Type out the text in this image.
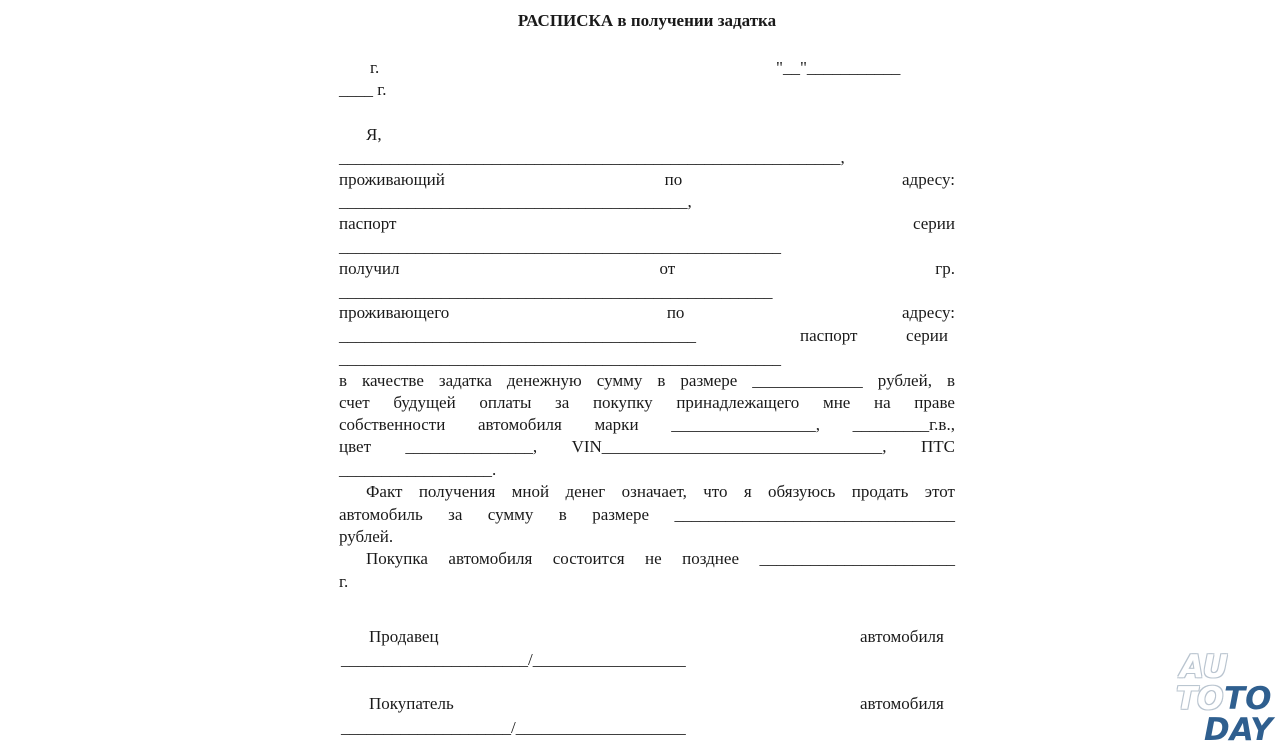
РАСПИСКА в получении задатка
г.	"__"___________
____ г.
Я,
___________________________________________________________,
проживающий	по	адресу:
_________________________________________,
паспорт	серии
____________________________________________________
получил	от	гр.
___________________________________________________
проживающего	по	адресу:
__________________________________________	паспорт	серии
____________________________________________________
в качестве задатка денежную сумму в размере _____________ рублей, в
счет будущей оплаты за покупку принадлежащего мне на праве
собственности автомобиля марки _________________, _________г.в.,
цвет _______________, VIN_________________________________, ПТС
__________________.
Факт получения мной денег означает, что я обязуюсь продать этот
автомобиль за сумму в размере _________________________________
рублей.
Покупка автомобиля состоится не позднее _______________________
г.
Продавец	автомобиля
______________________/__________________
Покупатель	автомобиля
____________________/____________________
AU
TO TO
DAY
